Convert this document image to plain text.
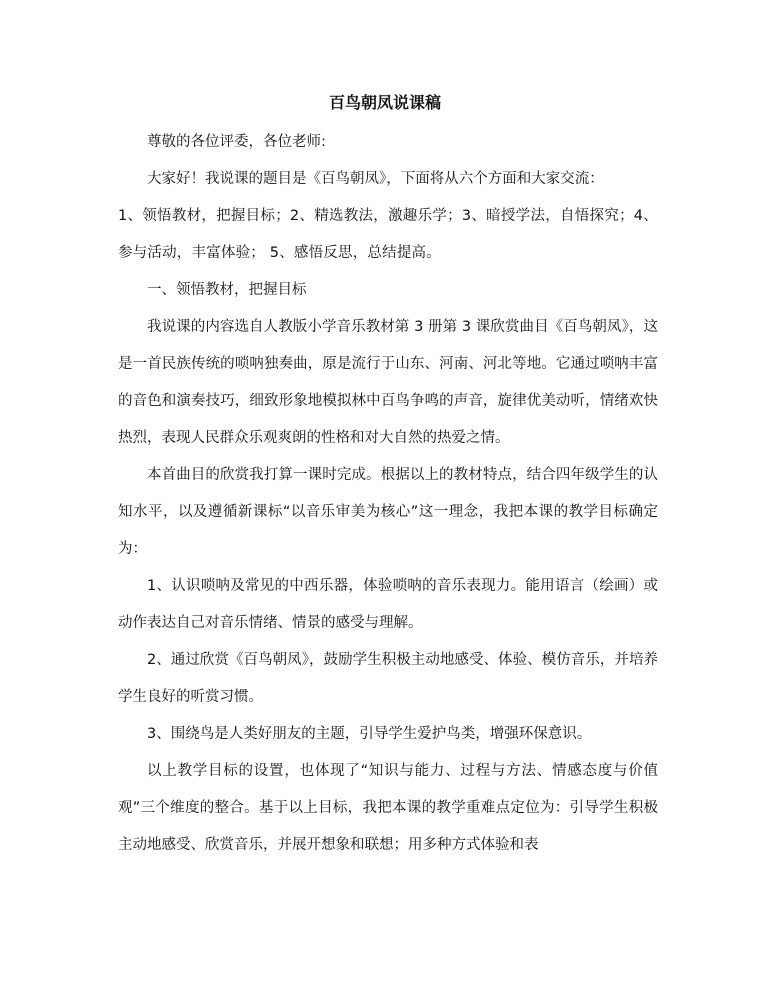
百鸟朝凤说课稿

尊敬的各位评委，各位老师:

大家好！我说课的题目是《百鸟朝凤》，下面将从六个方面和大家交流：

1、领悟教材，把握目标；2、精选教法，激趣乐学；3、暗授学法，自悟探究；4、参与活动，丰富体验； 5、感悟反思，总结提高。

一、领悟教材，把握目标

我说课的内容选自人教版小学音乐教材第 3 册第 3 课欣赏曲目《百鸟朝凤》，这是一首民族传统的唢呐独奏曲，原是流行于山东、河南、河北等地。它通过唢呐丰富的音色和演奏技巧，细致形象地模拟林中百鸟争鸣的声音，旋律优美动听，情绪欢快热烈，表现人民群众乐观爽朗的性格和对大自然的热爱之情。

本首曲目的欣赏我打算一课时完成。根据以上的教材特点，结合四年级学生的认知水平，以及遵循新课标“以音乐审美为核心”这一理念，我把本课的教学目标确定为：

1、认识唢呐及常见的中西乐器，体验唢呐的音乐表现力。能用语言（绘画）或动作表达自己对音乐情绪、情景的感受与理解。

2、通过欣赏《百鸟朝凤》，鼓励学生积极主动地感受、体验、模仿音乐，并培养学生良好的听赏习惯。

3、围绕鸟是人类好朋友的主题，引导学生爱护鸟类，增强环保意识。

以上教学目标的设置，也体现了“知识与能力、过程与方法、情感态度与价值观”三个维度的整合。基于以上目标，我把本课的教学重难点定位为：引导学生积极主动地感受、欣赏音乐，并展开想象和联想；用多种方式体验和表
